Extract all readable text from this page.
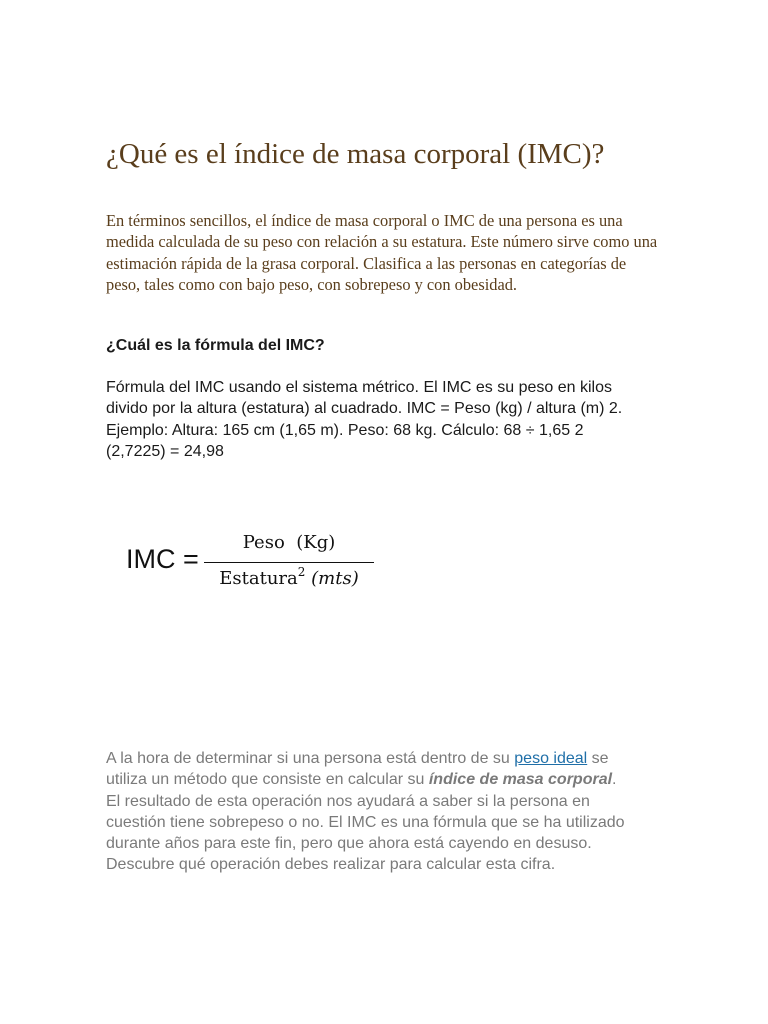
¿Qué es el índice de masa corporal (IMC)?

En términos sencillos, el índice de masa corporal o IMC de una persona es una medida calculada de su peso con relación a su estatura. Este número sirve como una estimación rápida de la grasa corporal. Clasifica a las personas en categorías de peso, tales como con bajo peso, con sobrepeso y con obesidad.

¿Cuál es la fórmula del IMC?

Fórmula del IMC usando el sistema métrico. El IMC es su peso en kilos divido por la altura (estatura) al cuadrado. IMC = Peso (kg) / altura (m) 2. Ejemplo: Altura: 165 cm (1,65 m). Peso: 68 kg. Cálculo: 68 ÷ 1,65 2 (2,7225) = 24,98

IMC =
Peso  (Kg)
Estatura$^2$ (mts)

A la hora de determinar si una persona está dentro de su peso ideal se utiliza un método que consiste en calcular su índice de masa corporal. El resultado de esta operación nos ayudará a saber si la persona en cuestión tiene sobrepeso o no. El IMC es una fórmula que se ha utilizado durante años para este fin, pero que ahora está cayendo en desuso. Descubre qué operación debes realizar para calcular esta cifra.
